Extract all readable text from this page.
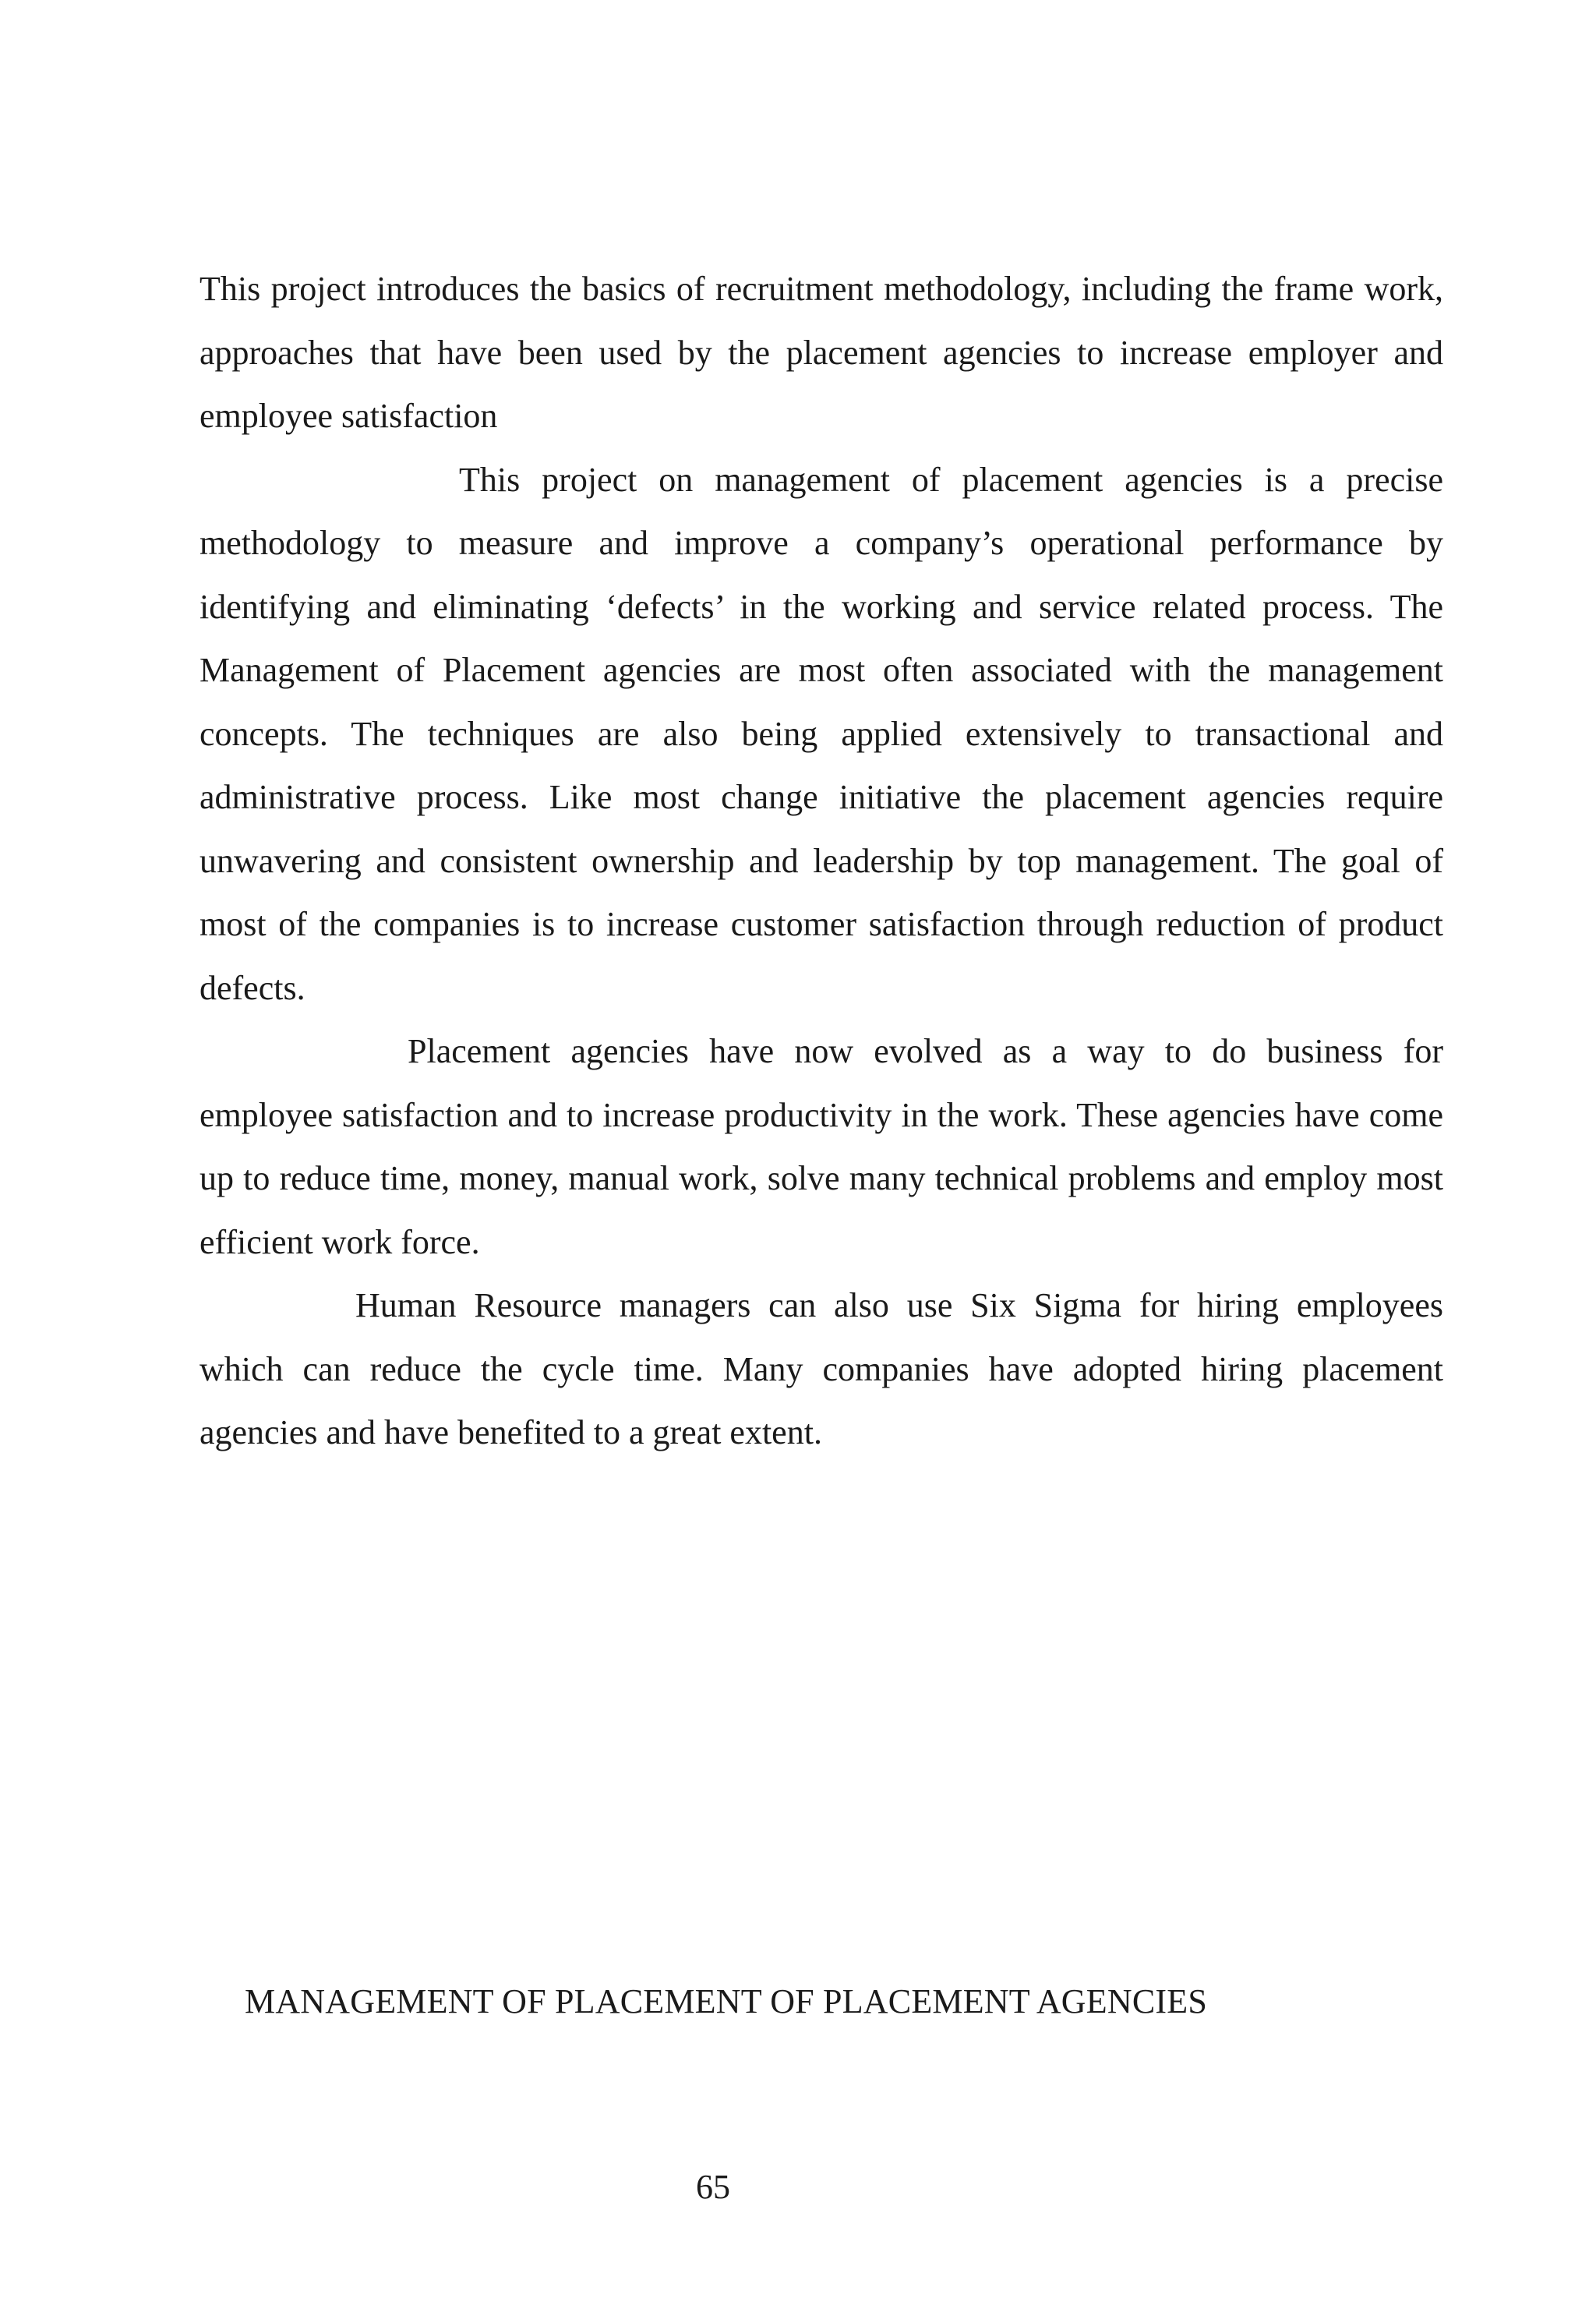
This project introduces the basics of recruitment methodology, including the frame work, approaches that have been used by the placement agencies to increase employer and employee satisfaction

This project on management of placement agencies is a precise methodology to measure and improve a company’s operational performance by identifying and eliminating ‘defects’ in the working and service related process. The Management of Placement agencies are most often associated with the management concepts. The techniques are also being applied extensively to transactional and administrative process. Like most change initiative the placement agencies require unwavering and consistent ownership and leadership by top management. The goal of most of the companies is to increase customer satisfaction through reduction of product defects.

Placement agencies have now evolved as a way to do business for employee satisfaction and to increase productivity in the work. These agencies have come up to reduce time, money, manual work, solve many technical problems and employ most efficient work force.

Human Resource managers can also use Six Sigma for hiring employees which can reduce the cycle time. Many companies have adopted hiring placement agencies and have benefited to a great extent.

MANAGEMENT OF PLACEMENT OF PLACEMENT AGENCIES

65
